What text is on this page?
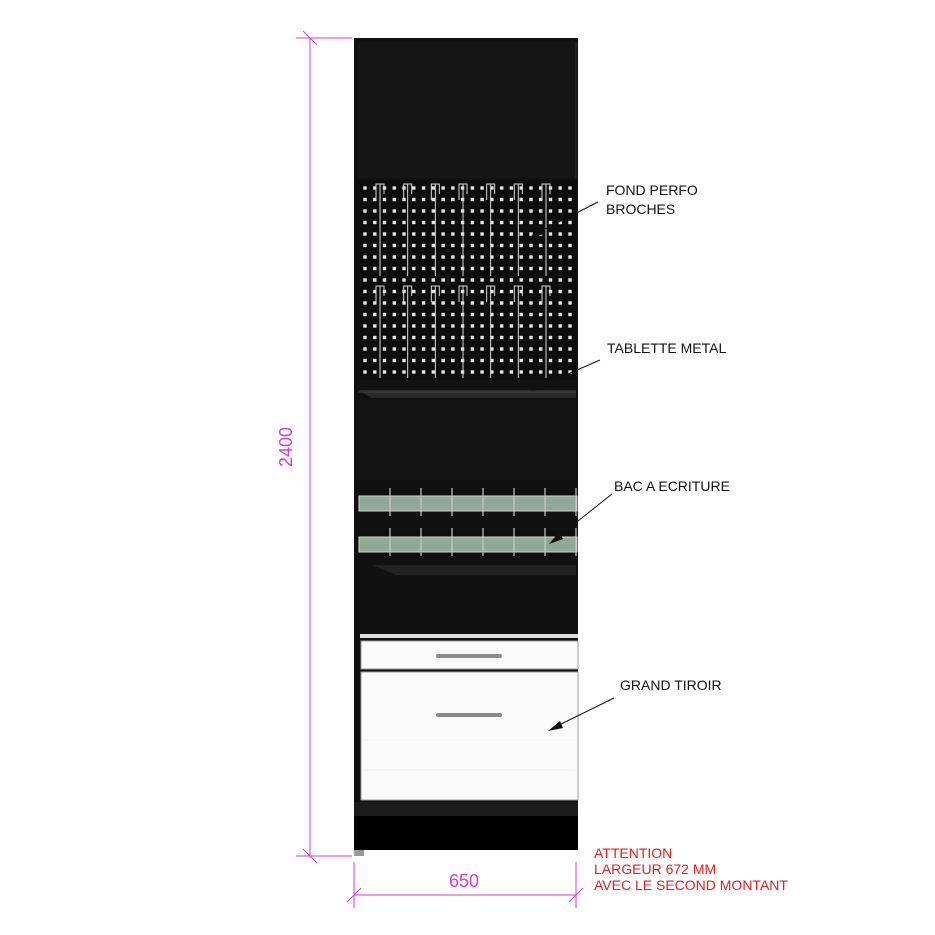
2400
650
FOND PERFO
BROCHES
TABLETTE METAL
BAC A ECRITURE
GRAND TIROIR
ATTENTION
LARGEUR 672 MM
AVEC LE SECOND MONTANT
